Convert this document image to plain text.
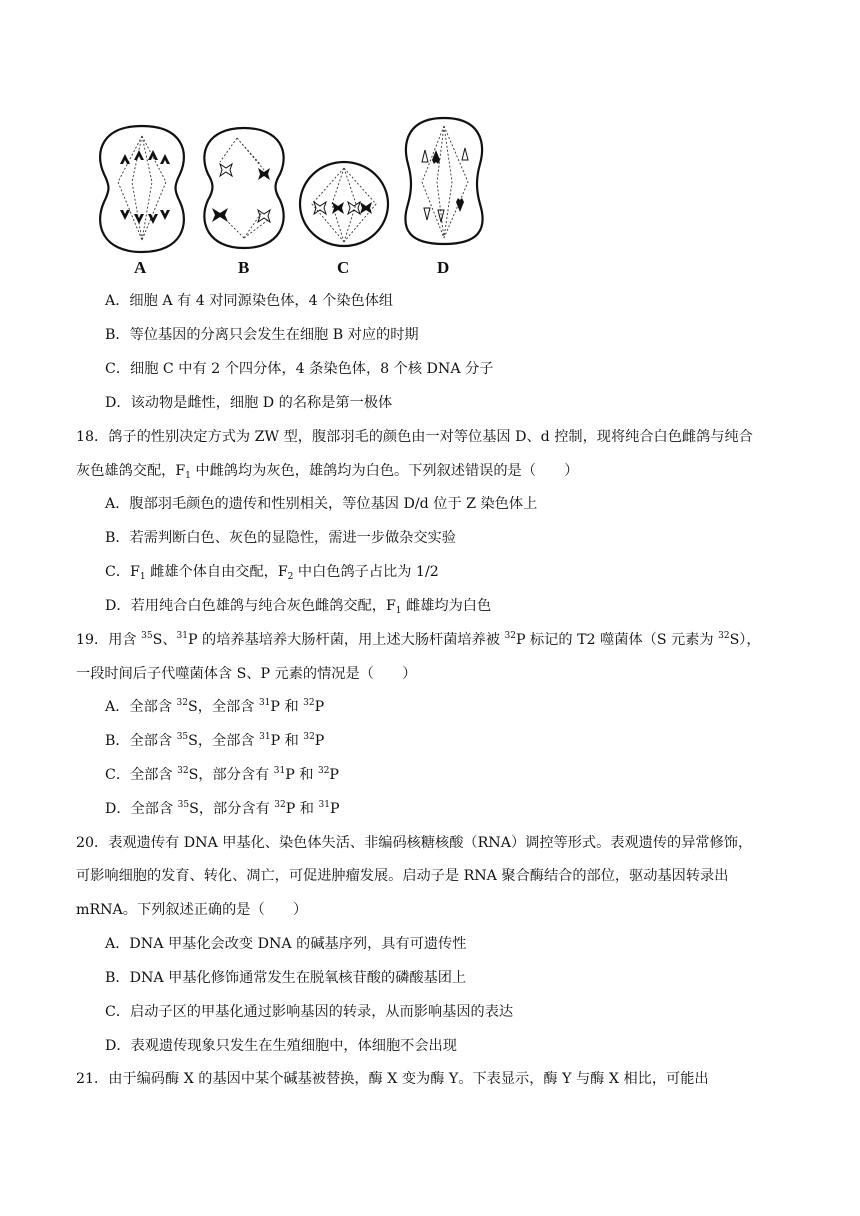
A	B	C	D
A．细胞 A 有 4 对同源染色体，4 个染色体组
B．等位基因的分离只会发生在细胞 B 对应的时期
C．细胞 C 中有 2 个四分体，4 条染色体，8 个核 DNA 分子
D．该动物是雌性，细胞 D 的名称是第一极体
18．鸽子的性别决定方式为 ZW 型，腹部羽毛的颜色由一对等位基因 D、d 控制，现将纯合白色雌鸽与纯合
灰色雄鸽交配，$F_1$ 中雌鸽均为灰色，雄鸽均为白色。下列叙述错误的是（　　）
A．腹部羽毛颜色的遗传和性别相关，等位基因 D/d 位于 Z 染色体上
B．若需判断白色、灰色的显隐性，需进一步做杂交实验
C．$F_1$ 雌雄个体自由交配，$F_2$ 中白色鸽子占比为 1/2
D．若用纯合白色雄鸽与纯合灰色雌鸽交配，$F_1$ 雌雄均为白色
19．用含 $^{35}$S、$^{31}$P 的培养基培养大肠杆菌，用上述大肠杆菌培养被 $^{32}$P 标记的 T2 噬菌体（S 元素为 $^{32}$S），
一段时间后子代噬菌体含 S、P 元素的情况是（　　）
A．全部含 $^{32}$S，全部含 $^{31}$P 和 $^{32}$P
B．全部含 $^{35}$S，全部含 $^{31}$P 和 $^{32}$P
C．全部含 $^{32}$S，部分含有 $^{31}$P 和 $^{32}$P
D．全部含 $^{35}$S，部分含有 $^{32}$P 和 $^{31}$P
20．表观遗传有 DNA 甲基化、染色体失活、非编码核糖核酸（RNA）调控等形式。表观遗传的异常修饰，
可影响细胞的发育、转化、凋亡，可促进肿瘤发展。启动子是 RNA 聚合酶结合的部位，驱动基因转录出
mRNA。下列叙述正确的是（　　）
A．DNA 甲基化会改变 DNA 的碱基序列，具有可遗传性
B．DNA 甲基化修饰通常发生在脱氧核苷酸的磷酸基团上
C．启动子区的甲基化通过影响基因的转录，从而影响基因的表达
D．表观遗传现象只发生在生殖细胞中，体细胞不会出现
21．由于编码酶 X 的基因中某个碱基被替换，酶 X 变为酶 Y。下表显示，酶 Y 与酶 X 相比，可能出
